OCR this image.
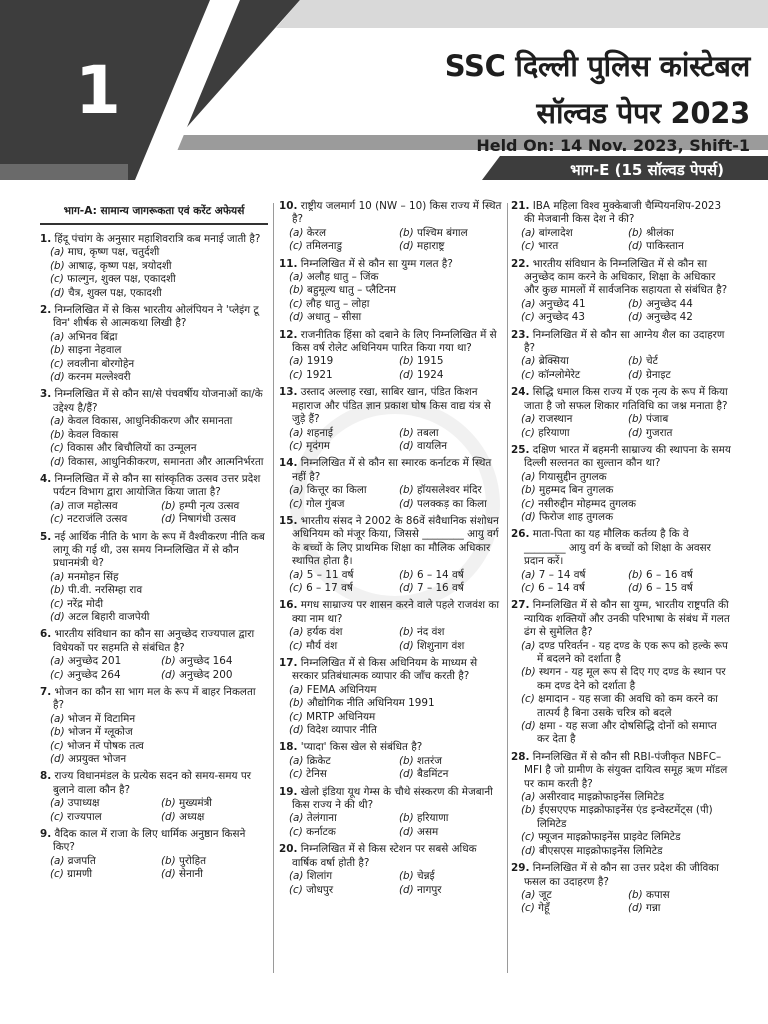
1	SSC दिल्ली पुलिस कांस्टेबल
सॉल्वड पेपर 2023
Held On: 14 Nov. 2023, Shift-1
भाग-E (15 सॉल्वड पेपर्स)
भाग-A: सामान्य जागरूकता एवं करेंट अफेयर्स
1. हिंदू पंचांग के अनुसार महाशिवरात्रि कब मनाई जाती है?
(a) माघ, कृष्ण पक्ष, चतुर्दशी
(b) आषाढ़, कृष्ण पक्ष, त्रयोदशी
(c) फाल्गुन, शुक्ल पक्ष, एकादशी
(d) चैत्र, शुक्ल पक्ष, एकादशी
2. निम्नलिखित में से किस भारतीय ओलंपियन ने 'प्लेइंग टू विन' शीर्षक से आत्मकथा लिखी है?
(a) अभिनव बिंद्रा
(b) साइना नेहवाल
(c) लवलीना बोरगोहेन
(d) करनम मल्लेश्वरी
3. निम्नलिखित में से कौन सा/से पंचवर्षीय योजनाओं का/के उद्देश्य है/हैं?
(a) केवल विकास, आधुनिकीकरण और समानता
(b) केवल विकास
(c) विकास और बिचौलियों का उन्मूलन
(d) विकास, आधुनिकीकरण, समानता और आत्मनिर्भरता
4. निम्नलिखित में से कौन सा सांस्कृतिक उत्सव उत्तर प्रदेश पर्यटन विभाग द्वारा आयोजित किया जाता है?
(a) ताज महोत्सव	(b) हम्पी नृत्य उत्सव
(c) नटराजंलि उत्सव	(d) निषागंधी उत्सव
5. नई आर्थिक नीति के भाग के रूप में वैश्वीकरण नीति कब लागू की गई थी, उस समय निम्नलिखित में से कौन प्रधानमंत्री थे?
(a) मनमोहन सिंह
(b) पी.वी. नरसिम्हा राव
(c) नरेंद्र मोदी
(d) अटल बिहारी वाजपेयी
6. भारतीय संविधान का कौन सा अनुच्छेद राज्यपाल द्वारा विधेयकों पर सहमति से संबंधित है?
(a) अनुच्छेद 201	(b) अनुच्छेद 164
(c) अनुच्छेद 264	(d) अनुच्छेद 200
7. भोजन का कौन सा भाग मल के रूप में बाहर निकलता है?
(a) भोजन में विटामिन
(b) भोजन में ग्लूकोज
(c) भोजन में पोषक तत्व
(d) अप्रयुक्त भोजन
8. राज्य विधानमंडल के प्रत्येक सदन को समय-समय पर बुलाने वाला कौन है?
(a) उपाध्यक्ष	(b) मुख्यमंत्री
(c) राज्यपाल	(d) अध्यक्ष
9. वैदिक काल में राजा के लिए धार्मिक अनुष्ठान किसने किए?
(a) व्रजपति	(b) पुरोहित
(c) ग्रामणी	(d) सेनानी
10. राष्ट्रीय जलमार्ग 10 (NW – 10) किस राज्य में स्थित है?
(a) केरल	(b) पश्चिम बंगाल
(c) तमिलनाडु	(d) महाराष्ट्र
11. निम्नलिखित में से कौन सा युग्म गलत है?
(a) अलौह धातु – जिंक
(b) बहुमूल्य धातु – प्लैटिनम
(c) लौह धातु – लोहा
(d) अधातु – सीसा
12. राजनीतिक हिंसा को दबाने के लिए निम्नलिखित में से किस वर्ष रोलेट अधिनियम पारित किया गया था?
(a) 1919	(b) 1915
(c) 1921	(d) 1924
13. उस्ताद अल्लाह रखा, साबिर खान, पंडित किशन महाराज और पंडित ज्ञान प्रकाश घोष किस वाद्य यंत्र से जुड़े हैं?
(a) शहनाई	(b) तबला
(c) मृदंगम	(d) वायलिन
14. निम्नलिखित में से कौन सा स्मारक कर्नाटक में स्थित नहीं है?
(a) कित्तूर का किला	(b) हॉयसलेश्वर मंदिर
(c) गोल गुंबज	(d) पलक्कड़ का किला
15. भारतीय संसद ने 2002 के 86वें संवैधानिक संशोधन अधिनियम को मंजूर किया, जिससे ________ आयु वर्ग के बच्चों के लिए प्राथमिक शिक्षा का मौलिक अधिकार स्थापित होता है।
(a) 5 – 11 वर्ष	(b) 6 – 14 वर्ष
(c) 6 – 17 वर्ष	(d) 7 – 16 वर्ष
16. मगध साम्राज्य पर शासन करने वाले पहले राजवंश का क्या नाम था?
(a) हर्यक वंश	(b) नंद वंश
(c) मौर्य वंश	(d) शिशुनाग वंश
17. निम्नलिखित में से किस अधिनियम के माध्यम से सरकार प्रतिबंधात्मक व्यापार की जाँच करती है?
(a) FEMA अधिनियम
(b) औद्योगिक नीति अधिनियम 1991
(c) MRTP अधिनियम
(d) विदेश व्यापार नीति
18. 'प्यादा' किस खेल से संबंधित है?
(a) क्रिकेट	(b) शतरंज
(c) टेनिस	(d) बैडमिंटन
19. खेलो इंडिया यूथ गेम्स के चौथे संस्करण की मेजबानी किस राज्य ने की थी?
(a) तेलंगाना	(b) हरियाणा
(c) कर्नाटक	(d) असम
20. निम्नलिखित में से किस स्टेशन पर सबसे अधिक वार्षिक वर्षा होती है?
(a) शिलांग	(b) चेन्नई
(c) जोधपुर	(d) नागपुर
21. IBA महिला विश्व मुक्केबाजी चैम्पियनशिप-2023 की मेजबानी किस देश ने की?
(a) बांग्लादेश	(b) श्रीलंका
(c) भारत	(d) पाकिस्तान
22. भारतीय संविधान के निम्नलिखित में से कौन सा अनुच्छेद काम करने के अधिकार, शिक्षा के अधिकार और कुछ मामलों में सार्वजनिक सहायता से संबंधित है?
(a) अनुच्छेद 41	(b) अनुच्छेद 44
(c) अनुच्छेद 43	(d) अनुच्छेद 42
23. निम्नलिखित में से कौन सा आग्नेय शैल का उदाहरण है?
(a) ब्रेक्सिया	(b) चेर्ट
(c) कॉन्ग्लोमेरेट	(d) ग्रेनाइट
24. सिद्धि धमाल किस राज्य में एक नृत्य के रूप में किया जाता है जो सफल शिकार गतिविधि का जश्न मनाता है?
(a) राजस्थान	(b) पंजाब
(c) हरियाणा	(d) गुजरात
25. दक्षिण भारत में बहमनी साम्राज्य की स्थापना के समय दिल्ली सल्तनत का सुल्तान कौन था?
(a) गियासुद्दीन तुगलक
(b) मुहम्मद बिन तुगलक
(c) नसीरुद्दीन मोहम्मद तुगलक
(d) फिरोज शाह तुगलक
26. माता-पिता का यह मौलिक कर्तव्य है कि वे ________ आयु वर्ग के बच्चों को शिक्षा के अवसर प्रदान करें।
(a) 7 – 14 वर्ष	(b) 6 – 16 वर्ष
(c) 6 – 14 वर्ष	(d) 6 – 15 वर्ष
27. निम्नलिखित में से कौन सा युग्म, भारतीय राष्ट्रपति की न्यायिक शक्तियों और उनकी परिभाषा के संबंध में गलत ढंग से सुमेलित है?
(a) दण्ड परिवर्तन - यह दण्ड के एक रूप को हल्के रूप में बदलने को दर्शाता है
(b) स्थगन - यह मूल रूप से दिए गए दण्ड के स्थान पर कम दण्ड देने को दर्शाता है
(c) क्षमादान - यह सजा की अवधि को कम करने का तात्पर्य है बिना उसके चरित्र को बदले
(d) क्षमा - यह सजा और दोषसिद्धि दोनों को समाप्त कर देता है
28. निम्नलिखित में से कौन सी RBI-पंजीकृत NBFC–MFI है जो ग्रामीण के संयुक्त दायित्व समूह ऋण मॉडल पर काम करती है?
(a) असीरवाद माइक्रोफाइनेंस लिमिटेड
(b) ईएसएएफ माइक्रोफाइनेंस एंड इन्वेस्टमेंट्स (पी) लिमिटेड
(c) फ्यूजन माइक्रोफाइनेंस प्राइवेट लिमिटेड
(d) बीएसएस माइक्रोफाइनेंस लिमिटेड
29. निम्नलिखित में से कौन सा उत्तर प्रदेश की जीविका फसल का उदाहरण है?
(a) जूट	(b) कपास
(c) गेहूँ	(d) गन्ना
